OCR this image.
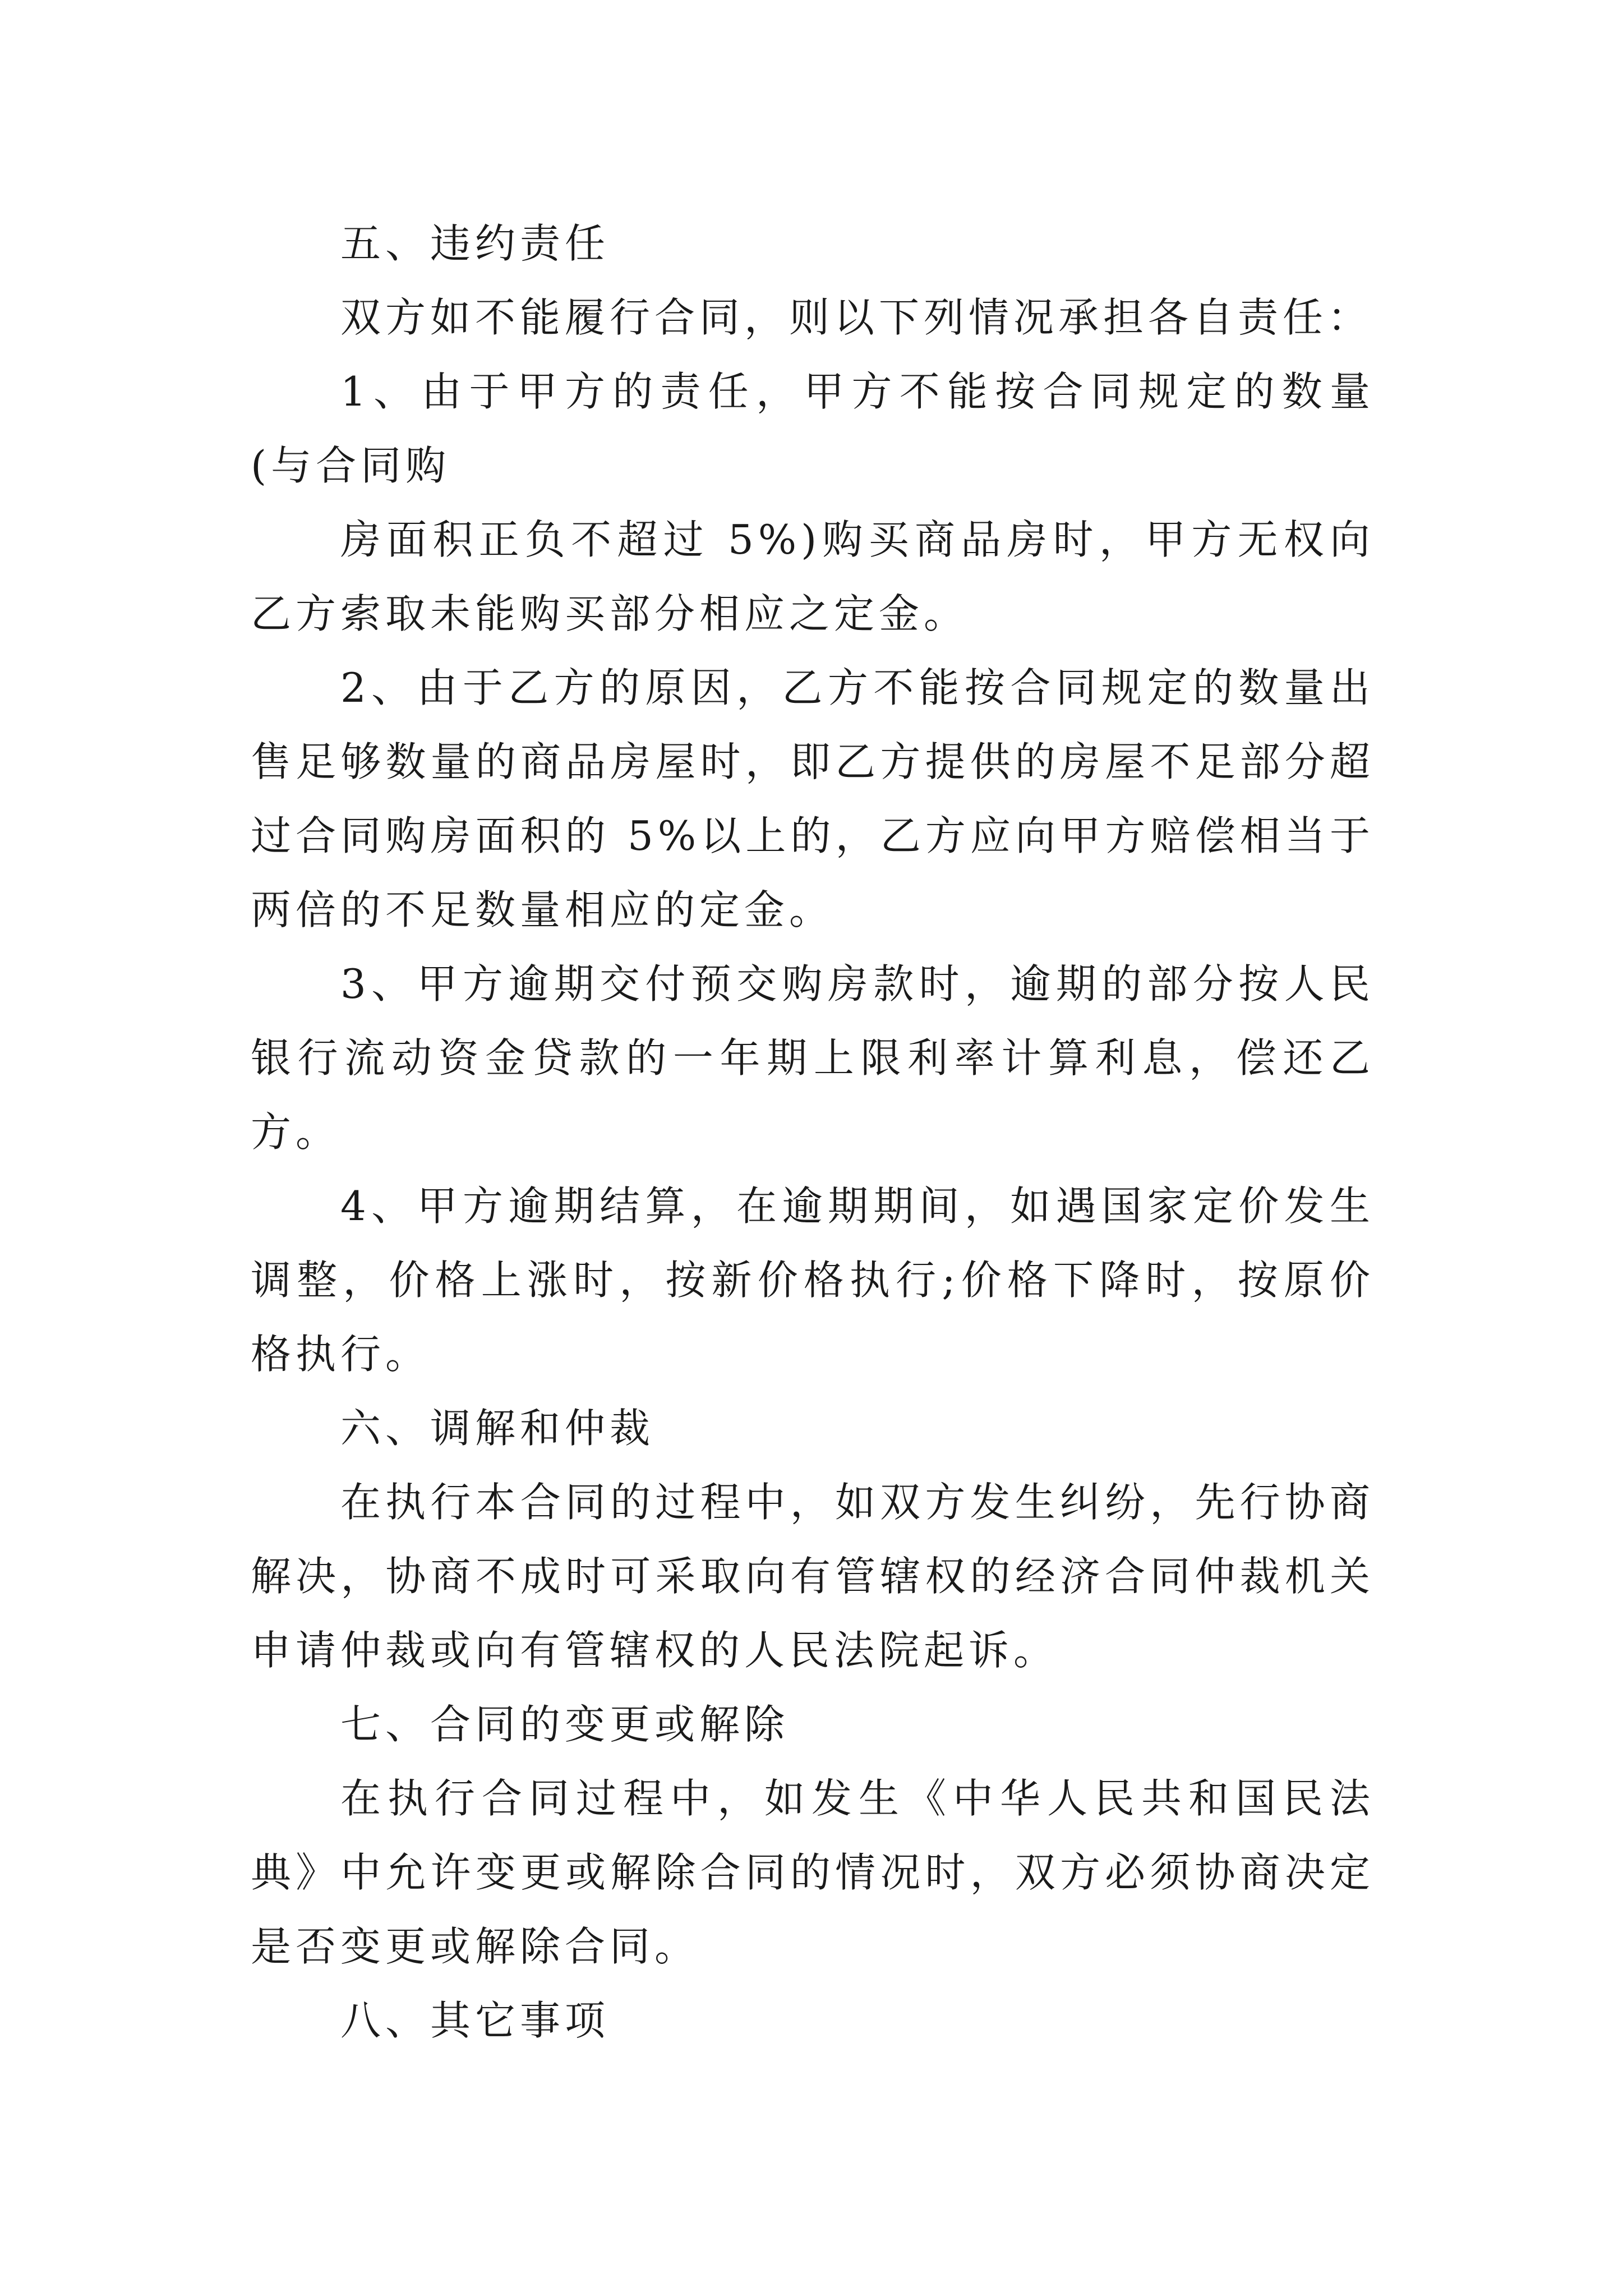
五、违约责任

双方如不能履行合同，则以下列情况承担各自责任：

1、由于甲方的责任，甲方不能按合同规定的数量(与合同购

房面积正负不超过 5%)购买商品房时，甲方无权向乙方索取未能购买部分相应之定金。

2、由于乙方的原因，乙方不能按合同规定的数量出售足够数量的商品房屋时，即乙方提供的房屋不足部分超过合同购房面积的 5%以上的，乙方应向甲方赔偿相当于两倍的不足数量相应的定金。

3、甲方逾期交付预交购房款时，逾期的部分按人民银行流动资金贷款的一年期上限利率计算利息，偿还乙方。

4、甲方逾期结算，在逾期期间，如遇国家定价发生调整，价格上涨时，按新价格执行;价格下降时，按原价格执行。

六、调解和仲裁

在执行本合同的过程中，如双方发生纠纷，先行协商解决，协商不成时可采取向有管辖权的经济合同仲裁机关申请仲裁或向有管辖权的人民法院起诉。

七、合同的变更或解除

在执行合同过程中，如发生《中华人民共和国民法典》中允许变更或解除合同的情况时，双方必须协商决定是否变更或解除合同。

八、其它事项
